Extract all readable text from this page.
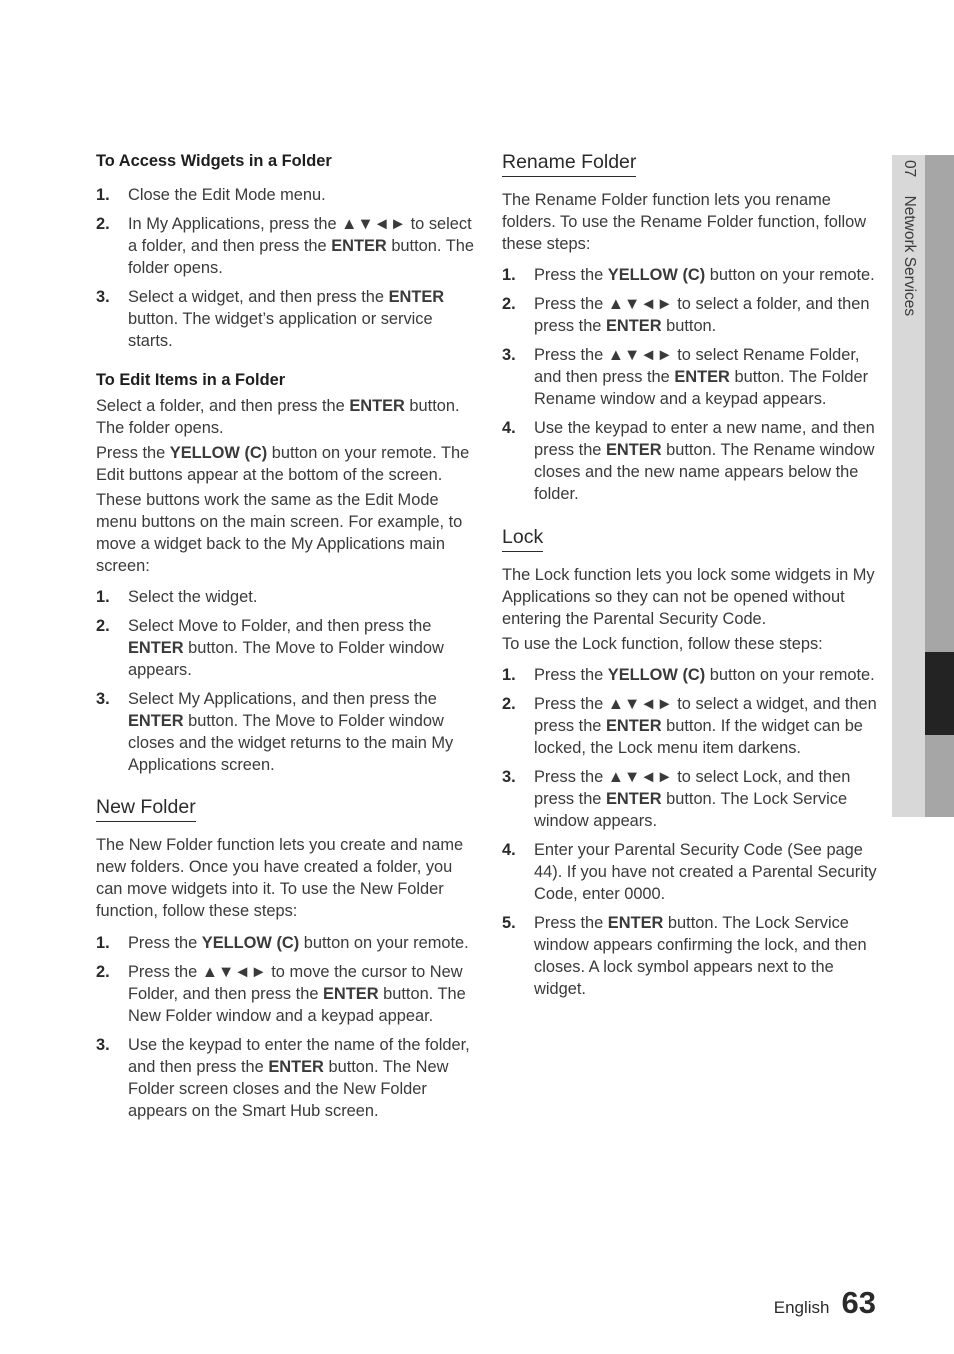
07 Network Services

To Access Widgets in a Folder

1. Close the Edit Mode menu.
2. In My Applications, press the ▲▼◄► to select a folder, and then press the ENTER button. The folder opens.
3. Select a widget, and then press the ENTER button. The widget’s application or service starts.

To Edit Items in a Folder

Select a folder, and then press the ENTER button. The folder opens.

Press the YELLOW (C) button on your remote. The Edit buttons appear at the bottom of the screen.

These buttons work the same as the Edit Mode menu buttons on the main screen. For example, to move a widget back to the My Applications main screen:

1. Select the widget.
2. Select Move to Folder, and then press the ENTER button. The Move to Folder window appears.
3. Select My Applications, and then press the ENTER button. The Move to Folder window closes and the widget returns to the main My Applications screen.
New Folder

The New Folder function lets you create and name new folders. Once you have created a folder, you can move widgets into it. To use the New Folder function, follow these steps:

1. Press the YELLOW (C) button on your remote.
2. Press the ▲▼◄► to move the cursor to New Folder, and then press the ENTER button. The New Folder window and a keypad appear.
3. Use the keypad to enter the name of the folder, and then press the ENTER button. The New Folder screen closes and the New Folder appears on the Smart Hub screen.
Rename Folder

The Rename Folder function lets you rename folders. To use the Rename Folder function, follow these steps:

1. Press the YELLOW (C) button on your remote.
2. Press the ▲▼◄► to select a folder, and then press the ENTER button.
3. Press the ▲▼◄► to select Rename Folder, and then press the ENTER button. The Folder Rename window and a keypad appears.
4. Use the keypad to enter a new name, and then press the ENTER button. The Rename window closes and the new name appears below the folder.
Lock

The Lock function lets you lock some widgets in My Applications so they can not be opened without entering the Parental Security Code.

To use the Lock function, follow these steps:

1. Press the YELLOW (C) button on your remote.
2. Press the ▲▼◄► to select a widget, and then press the ENTER button. If the widget can be locked, the Lock menu item darkens.
3. Press the ▲▼◄► to select Lock, and then press the ENTER button. The Lock Service window appears.
4. Enter your Parental Security Code (See page 44). If you have not created a Parental Security Code, enter 0000.
5. Press the ENTER button. The Lock Service window appears confirming the lock, and then closes. A lock symbol appears next to the widget.
English 63
